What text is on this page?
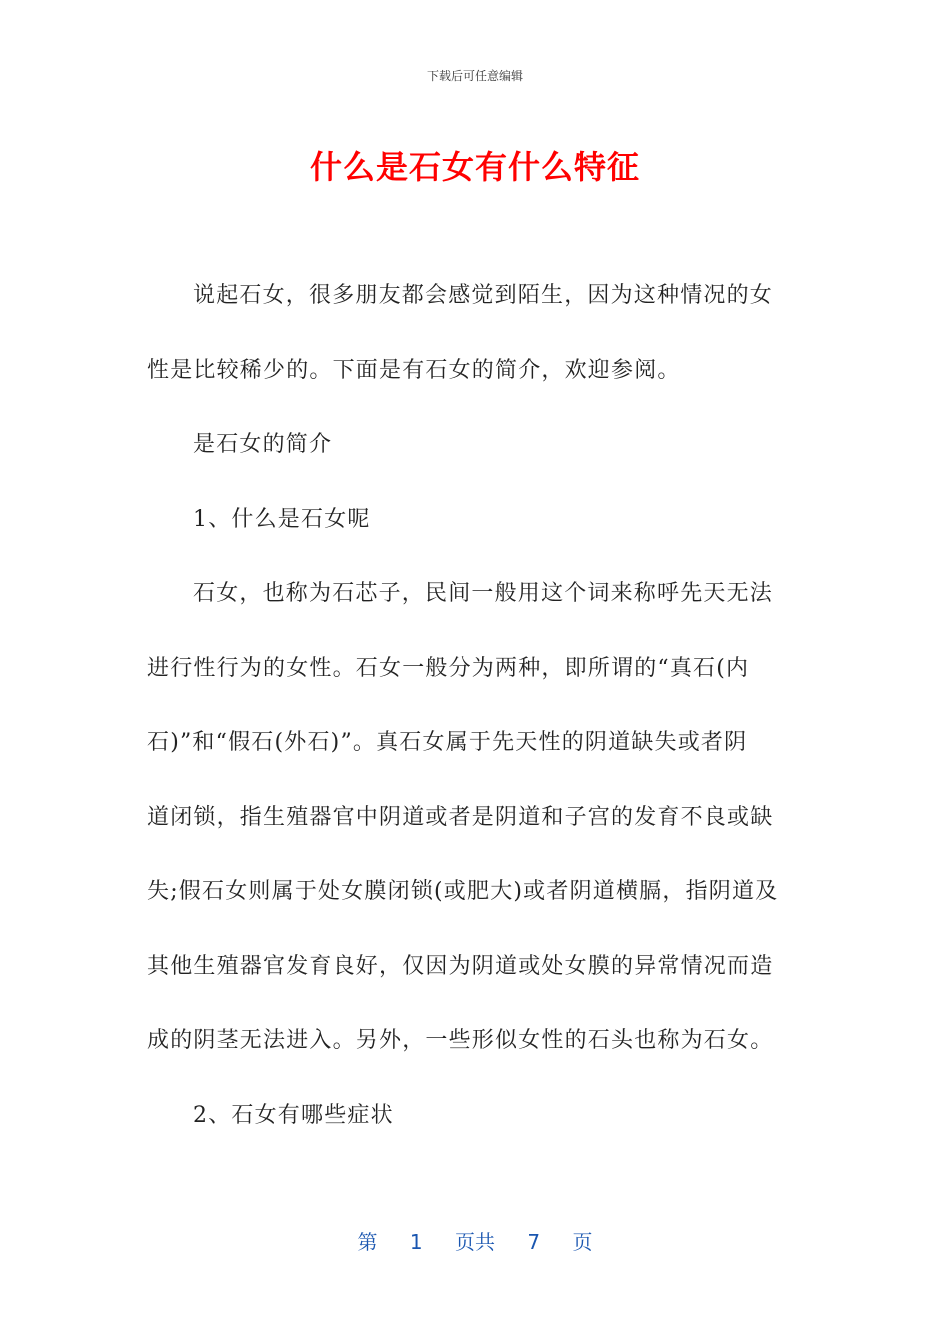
下载后可任意编辑
什么是石女有什么特征
说起石女，很多朋友都会感觉到陌生，因为这种情况的女
性是比较稀少的。下面是有石女的简介，欢迎参阅。
是石女的简介
1、什么是石女呢
石女，也称为石芯子，民间一般用这个词来称呼先天无法
进行性行为的女性。石女一般分为两种，即所谓的“真石(内
石)”和“假石(外石)”。真石女属于先天性的阴道缺失或者阴
道闭锁，指生殖器官中阴道或者是阴道和子宫的发育不良或缺
失;假石女则属于处女膜闭锁(或肥大)或者阴道横膈，指阴道及
其他生殖器官发育良好，仅因为阴道或处女膜的异常情况而造
成的阴茎无法进入。另外，一些形似女性的石头也称为石女。
2、石女有哪些症状
第 1 页共 7 页
